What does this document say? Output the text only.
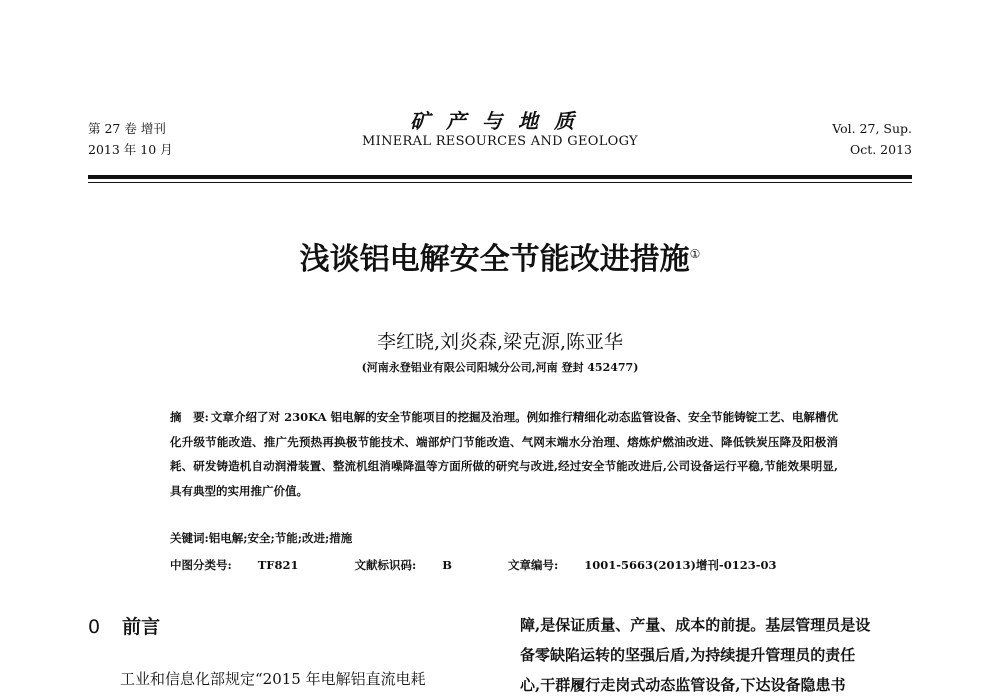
第 27 卷 增刊
2013 年 10 月
矿产与地质
MINERAL RESOURCES AND GEOLOGY
Vol. 27, Sup.
Oct. 2013
浅谈铝电解安全节能改进措施①
李红晓,刘炎森,梁克源,陈亚华
(河南永登铝业有限公司阳城分公司,河南 登封 452477)
摘　要: 文章介绍了对 230KA 铝电解的安全节能项目的挖掘及治理。例如推行精细化动态监管设备、安全节能铸锭工艺、电解槽优化升级节能改造、推广先预热再换极节能技术、端部炉门节能改造、气网末端水分治理、熔炼炉燃油改进、降低铁炭压降及阳极消耗、研发铸造机自动润滑装置、整流机组消噪降温等方面所做的研究与改进,经过安全节能改进后,公司设备运行平稳,节能效果明显,具有典型的实用推广价值。
关键词:铝电解;安全;节能;改进;措施
中图分类号: TF821	文献标识码: B	文章编号: 1001-5663(2013)增刊-0123-03
0 前言
工业和信息化部规定“2015 年电解铝直流电耗
障,是保证质量、产量、成本的前提。基层管理员是设
备零缺陷运转的坚强后盾,为持续提升管理员的责任
心,干群履行走岗式动态监管设备,下达设备隐患书
